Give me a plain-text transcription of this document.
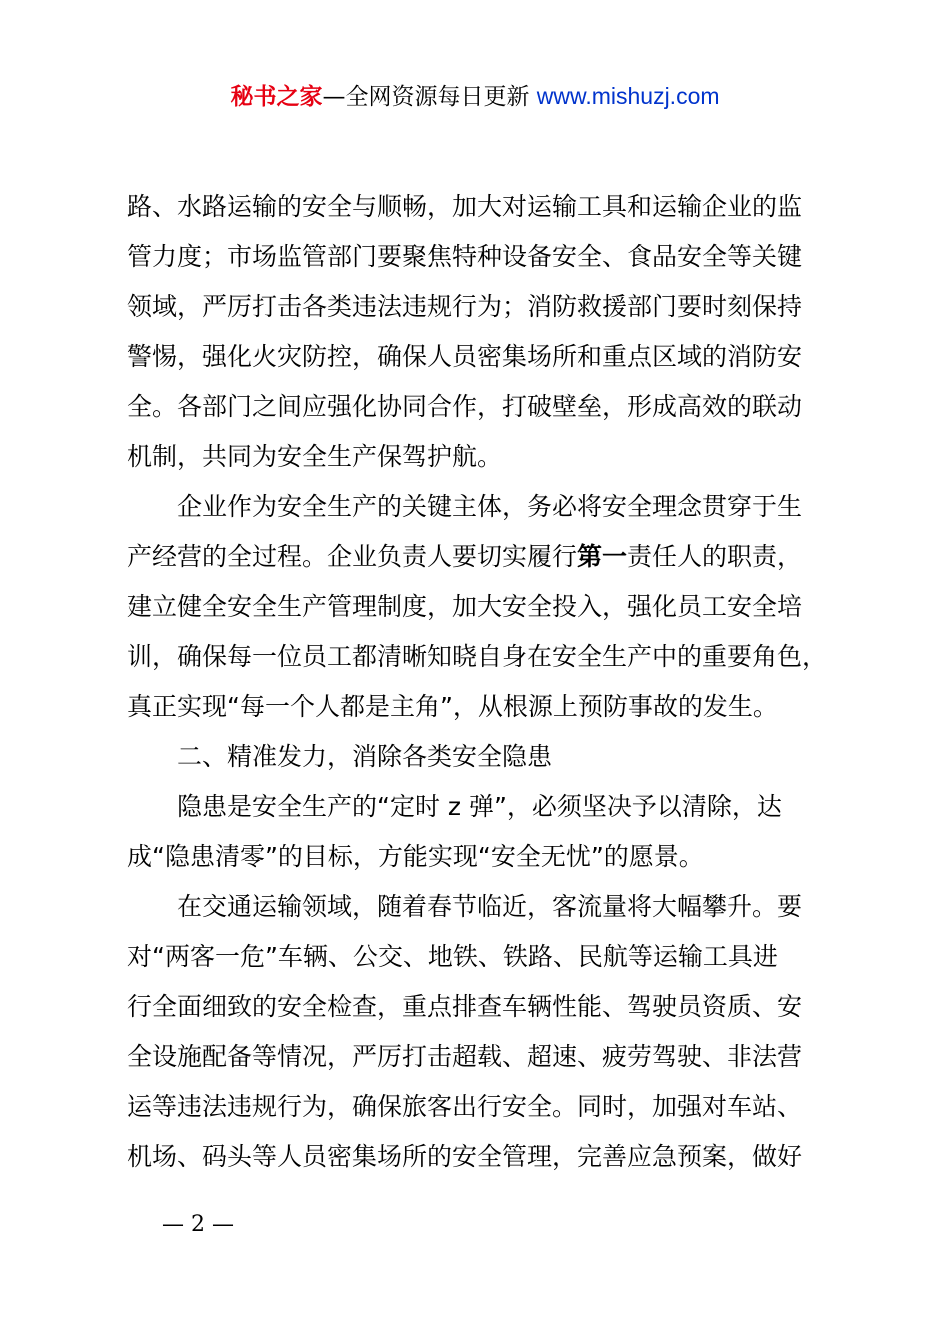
秘书之家—全网资源每日更新 www.mishuzj.com

路、水路运输的安全与顺畅，加大对运输工具和运输企业的监
管力度；市场监管部门要聚焦特种设备安全、食品安全等关键
领域，严厉打击各类违法违规行为；消防救援部门要时刻保持
警惕，强化火灾防控，确保人员密集场所和重点区域的消防安
全。各部门之间应强化协同合作，打破壁垒，形成高效的联动
机制，共同为安全生产保驾护航。

企业作为安全生产的关键主体，务必将安全理念贯穿于生
产经营的全过程。企业负责人要切实履行第一责任人的职责，
建立健全安全生产管理制度，加大安全投入，强化员工安全培
训，确保每一位员工都清晰知晓自身在安全生产中的重要角色，
真正实现“每一个人都是主角”，从根源上预防事故的发生。

二、精准发力，消除各类安全隐患

隐患是安全生产的“定时 z 弹”，必须坚决予以清除，达
成“隐患清零”的目标，方能实现“安全无忧”的愿景。

在交通运输领域，随着春节临近，客流量将大幅攀升。要
对“两客一危”车辆、公交、地铁、铁路、民航等运输工具进
行全面细致的安全检查，重点排查车辆性能、驾驶员资质、安
全设施配备等情况，严厉打击超载、超速、疲劳驾驶、非法营
运等违法违规行为，确保旅客出行安全。同时，加强对车站、
机场、码头等人员密集场所的安全管理，完善应急预案，做好

— 2 —
